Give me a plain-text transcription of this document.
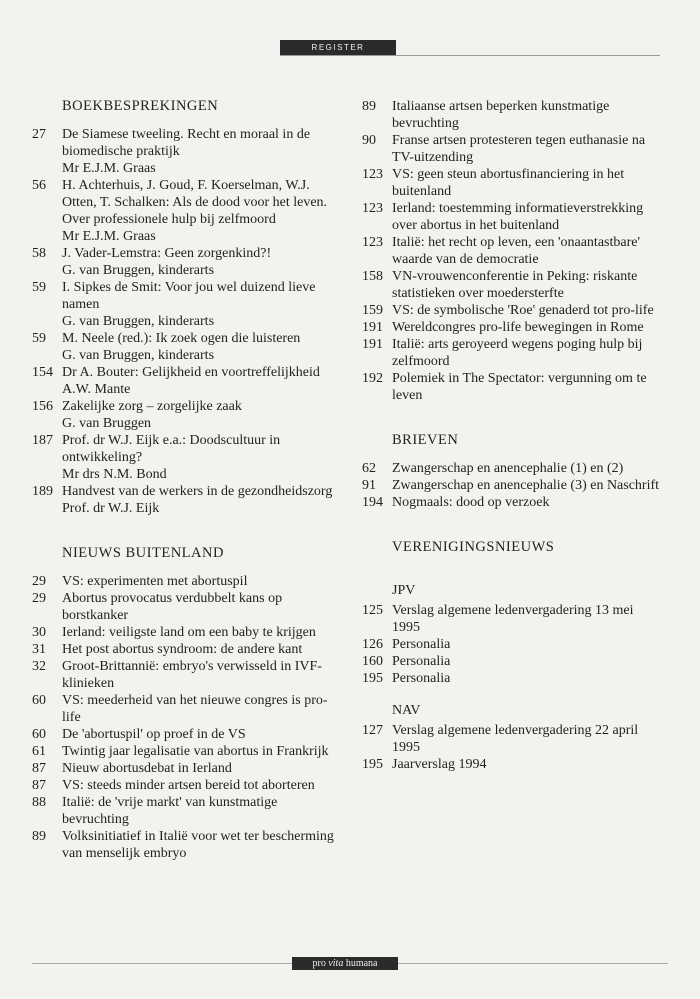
REGISTER
BOEKBESPREKINGEN
27	De Siamese tweeling. Recht en moraal in de biomedische praktijk
Mr E.J.M. Graas
56	H. Achterhuis, J. Goud, F. Koerselman, W.J. Otten, T. Schalken: Als de dood voor het leven. Over professionele hulp bij zelfmoord
Mr E.J.M. Graas
58	J. Vader-Lemstra: Geen zorgenkind?!
G. van Bruggen, kinderarts
59	I. Sipkes de Smit: Voor jou wel duizend lieve namen
G. van Bruggen, kinderarts
59	M. Neele (red.): Ik zoek ogen die luisteren
G. van Bruggen, kinderarts
154 Dr A. Bouter: Gelijkheid en voortreffelijkheid
A.W. Mante
156 Zakelijke zorg – zorgelijke zaak
G. van Bruggen
187 Prof. dr W.J. Eijk e.a.: Doodscultuur in ontwikkeling?
Mr drs N.M. Bond
189 Handvest van de werkers in de gezondheidszorg
Prof. dr W.J. Eijk
NIEUWS BUITENLAND
29	VS: experimenten met abortuspil
29	Abortus provocatus verdubbelt kans op borstkanker
30	Ierland: veiligste land om een baby te krijgen
31	Het post abortus syndroom: de andere kant
32	Groot-Brittannië: embryo's verwisseld in IVF-klinieken
60	VS: meederheid van het nieuwe congres is pro-life
60	De 'abortuspil' op proef in de VS
61	Twintig jaar legalisatie van abortus in Frankrijk
87	Nieuw abortusdebat in Ierland
87	VS: steeds minder artsen bereid tot aborteren
88	Italië: de 'vrije markt' van kunstmatige bevruchting
89	Volksinitiatief in Italië voor wet ter bescherming van menselijk embryo
89	Italiaanse artsen beperken kunstmatige bevruchting
90	Franse artsen protesteren tegen euthanasie na TV-uitzending
123 VS: geen steun abortusfinanciering in het buitenland
123 Ierland: toestemming informatieverstrekking over abortus in het buitenland
123 Italië: het recht op leven, een 'onaantastbare' waarde van de democratie
158 VN-vrouwenconferentie in Peking: riskante statistieken over moedersterfte
159 VS: de symbolische 'Roe' genaderd tot pro-life
191 Wereldcongres pro-life bewegingen in Rome
191 Italië: arts geroyeerd wegens poging hulp bij zelfmoord
192 Polemiek in The Spectator: vergunning om te leven
BRIEVEN
62	Zwangerschap en anencephalie (1) en (2)
91	Zwangerschap en anencephalie (3) en Naschrift
194 Nogmaals: dood op verzoek
VERENIGINGSNIEUWS
JPV
125 Verslag algemene ledenvergadering 13 mei 1995
126 Personalia
160 Personalia
195 Personalia
NAV
127 Verslag algemene ledenvergadering 22 april 1995
195 Jaarverslag 1994
pro vita humana
